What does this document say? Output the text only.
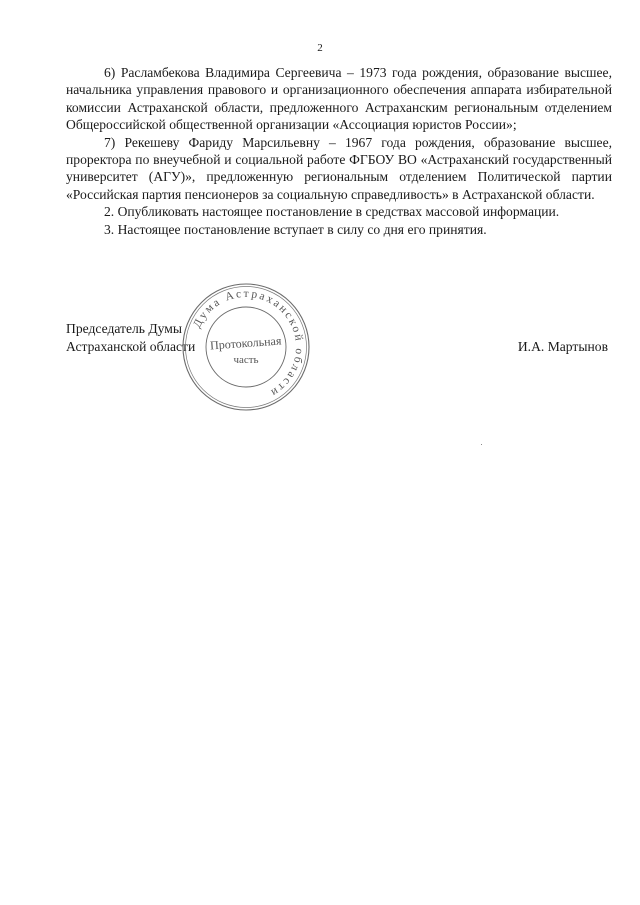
2

6) Расламбекова Владимира Сергеевича – 1973 года рождения, образование высшее, начальника управления правового и организационного обеспечения аппарата избирательной комиссии Астраханской области, предложенного Астраханским региональным отделением Общероссийской общественной организации «Ассоциация юристов России»;

7) Рекешеву Фариду Марсильевну – 1967 года рождения, образование высшее, проректора по внеучебной и социальной работе ФГБОУ ВО «Астраханский государственный университет (АГУ)», предложенную региональным отделением Политической партии «Российская партия пенсионеров за социальную справедливость» в Астраханской области.

2. Опубликовать настоящее постановление в средствах массовой информации.

3. Настоящее постановление вступает в силу со дня его принятия.

Председатель Думы
Астраханской области	И.А. Мартынов
Дума Астраханской области
Протокольная
часть
